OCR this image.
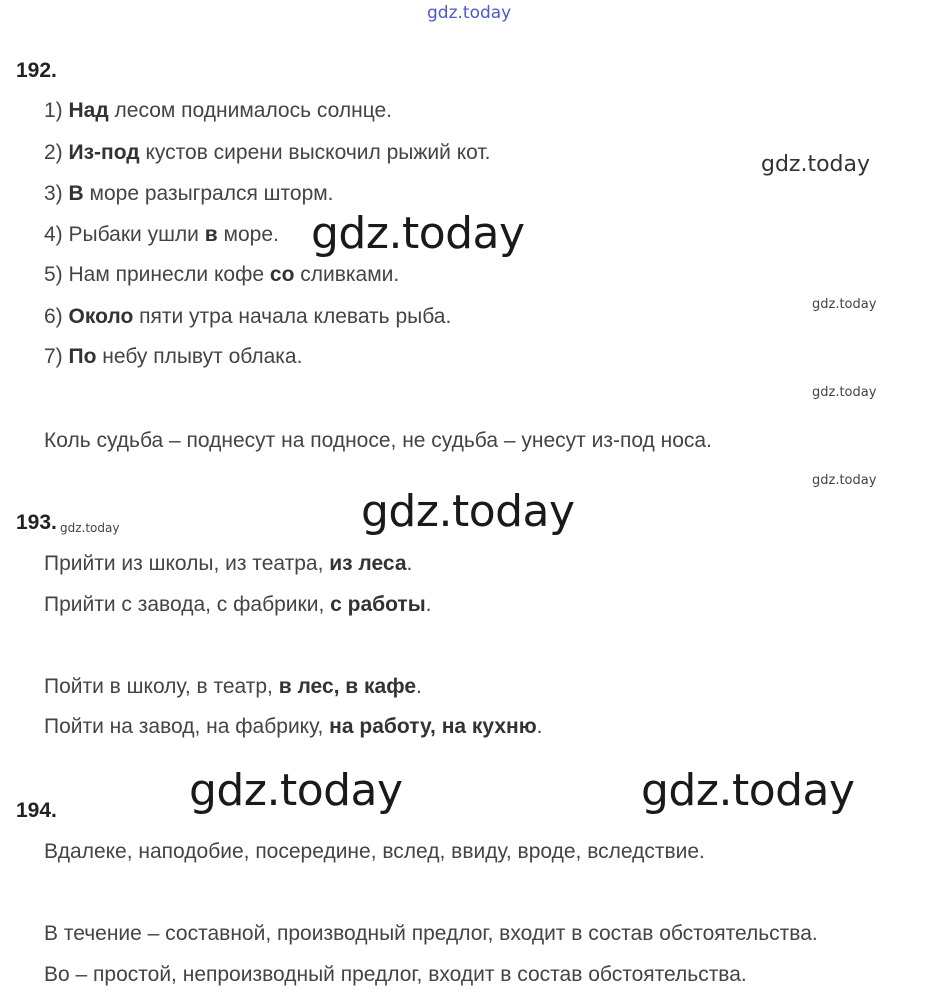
gdz.today
192.
1) Над лесом поднималось солнце.
2) Из-под кустов сирени выскочил рыжий кот.
3) В море разыгрался шторм.
4) Рыбаки ушли в море.
5) Нам принесли кофе со сливками.
6) Около пяти утра начала клевать рыба.
7) По небу плывут облака.
gdz.today
gdz.today
gdz.today
gdz.today
Коль судьба – поднесут на подносе, не судьба – унесут из-под носа.
gdz.today
193. gdz.today	gdz.today
Прийти из школы, из театра, из леса.
Прийти с завода, с фабрики, с работы.
Пойти в школу, в театр, в лес, в кафе.
Пойти на завод, на фабрику, на работу, на кухню.
gdz.today	gdz.today
194.
Вдалеке, наподобие, посередине, вслед, ввиду, вроде, вследствие.
В течение – составной, производный предлог, входит в состав обстоятельства.
Во – простой, непроизводный предлог, входит в состав обстоятельства.
